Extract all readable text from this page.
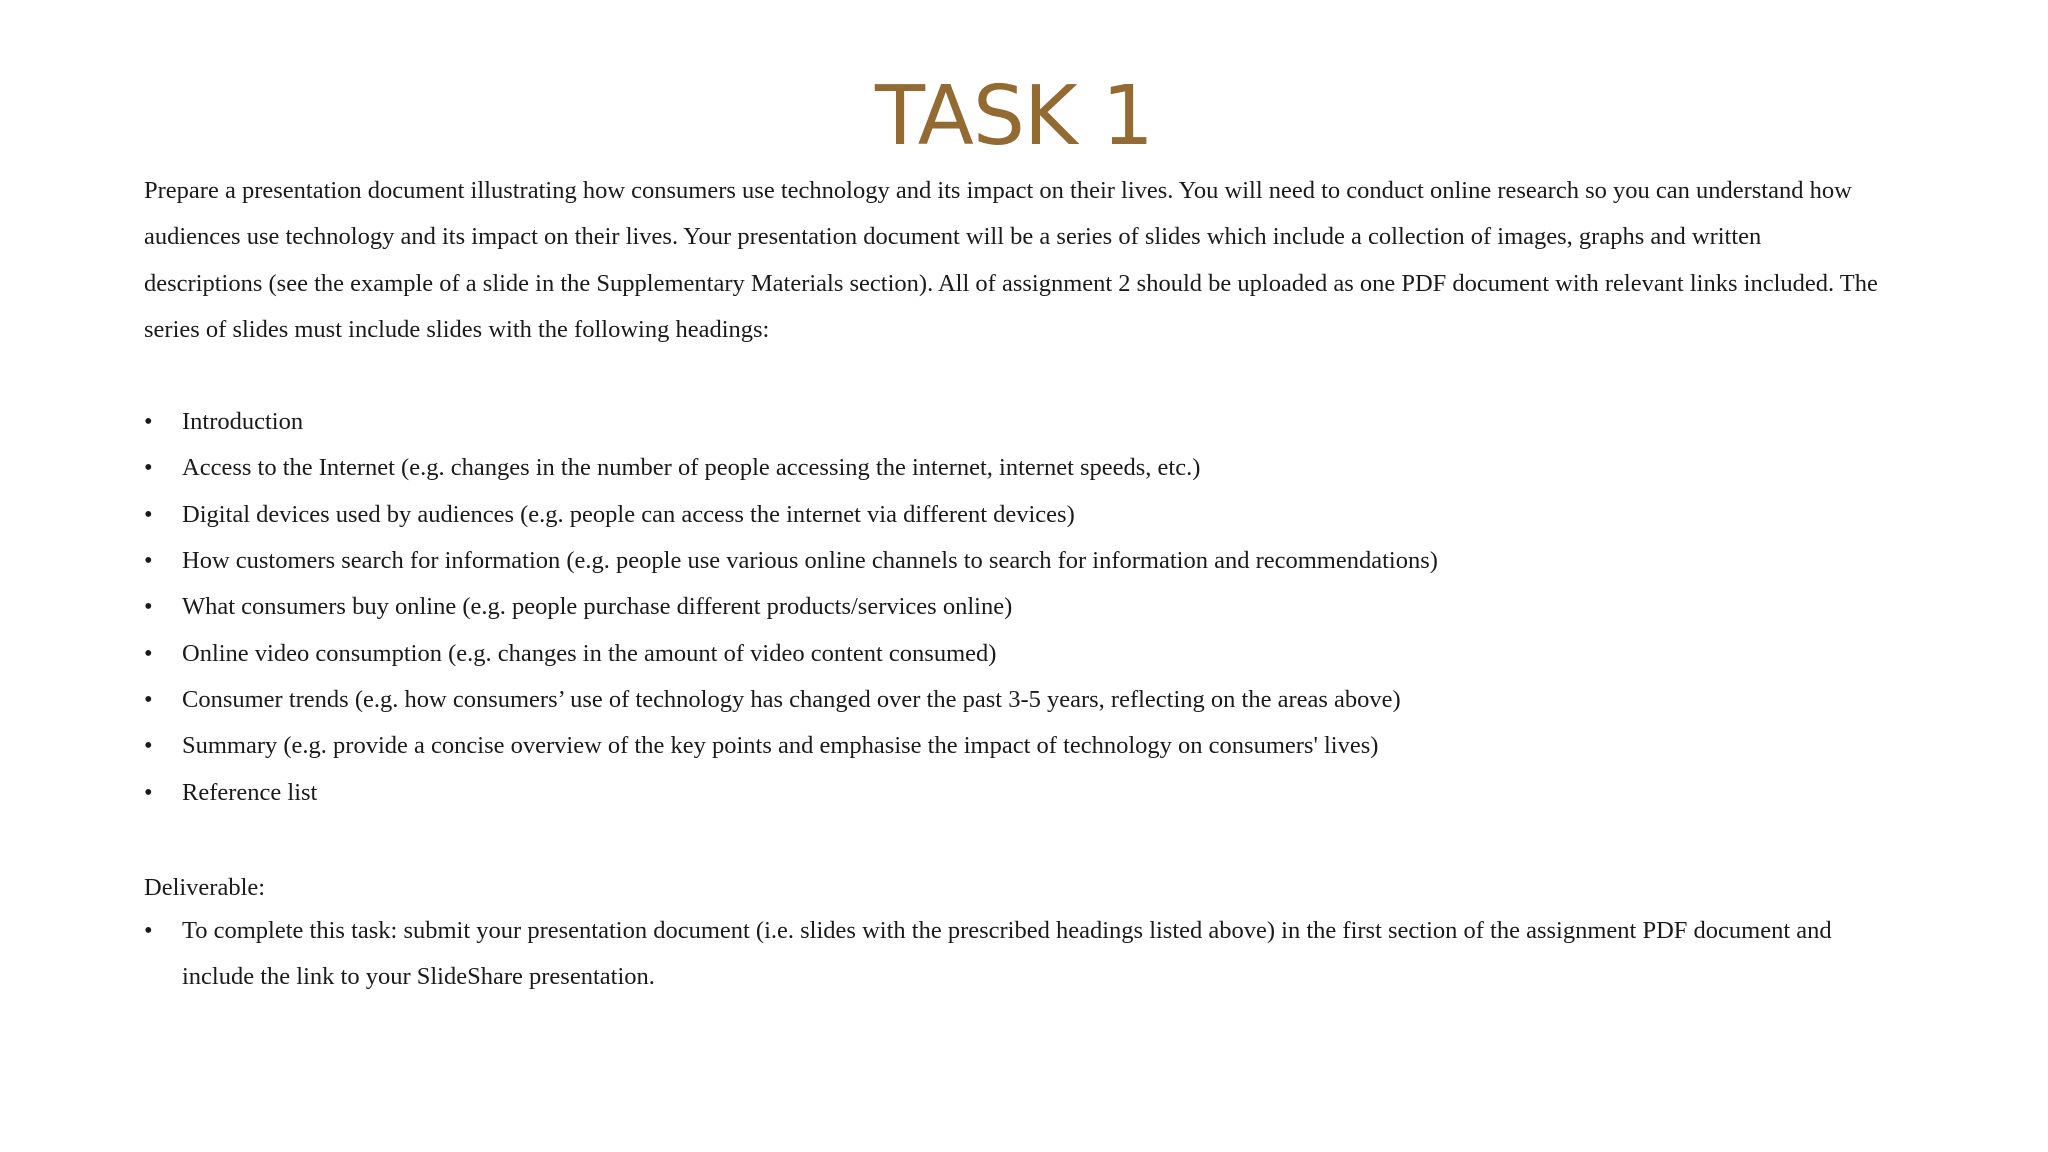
TASK 1

Prepare a presentation document illustrating how consumers use technology and its impact on their lives. You will need to conduct online research so you can understand how audiences use technology and its impact on their lives. Your presentation document will be a series of slides which include a collection of images, graphs and written descriptions (see the example of a slide in the Supplementary Materials section). All of assignment 2 should be uploaded as one PDF document with relevant links included. The series of slides must include slides with the following headings:

•	Introduction
•	Access to the Internet (e.g. changes in the number of people accessing the internet, internet speeds, etc.)
•	Digital devices used by audiences (e.g. people can access the internet via different devices)
•	How customers search for information (e.g. people use various online channels to search for information and recommendations)
•	What consumers buy online (e.g. people purchase different products/services online)
•	Online video consumption (e.g. changes in the amount of video content consumed)
•	Consumer trends (e.g. how consumers’ use of technology has changed over the past 3-5 years, reflecting on the areas above)
•	Summary (e.g. provide a concise overview of the key points and emphasise the impact of technology on consumers' lives)
•	Reference list

Deliverable:

•	To complete this task: submit your presentation document (i.e. slides with the prescribed headings listed above) in the first section of the assignment PDF document and include the link to your SlideShare presentation.
